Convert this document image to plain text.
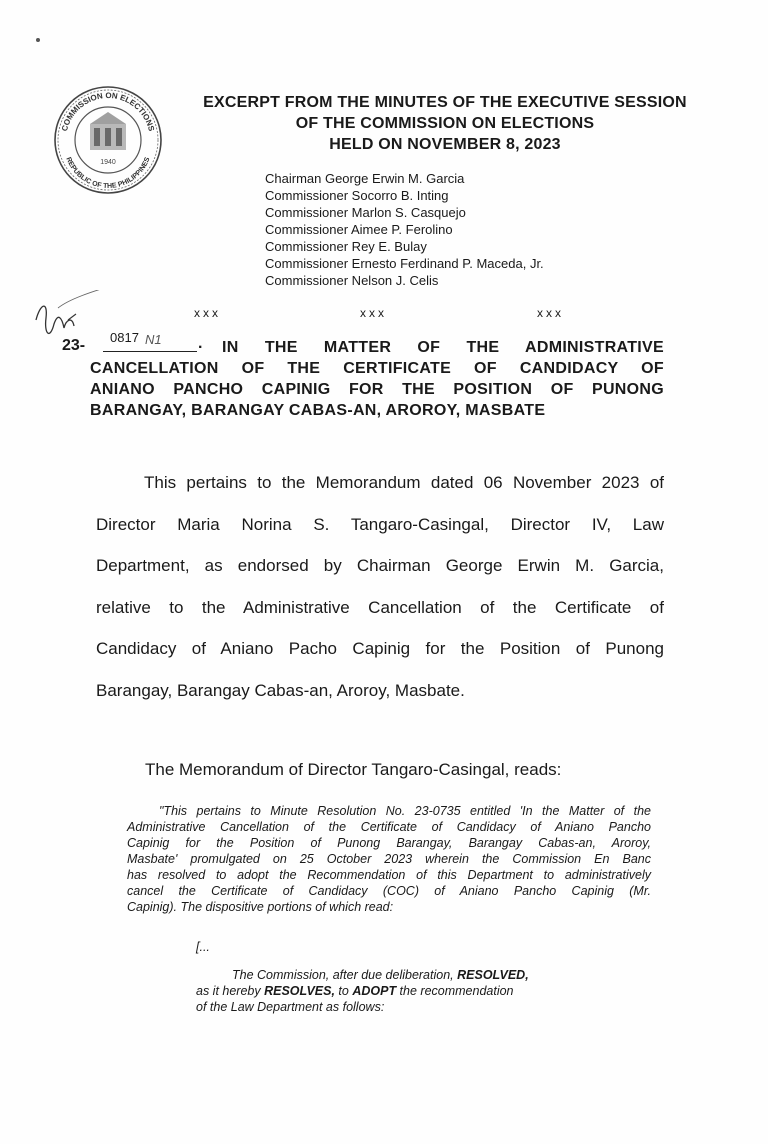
COMMISSION ON ELECTIONS
REPUBLIC OF THE PHILIPPINES
1940
EXCERPT FROM THE MINUTES OF THE EXECUTIVE SESSION
OF THE COMMISSION ON ELECTIONS
HELD ON NOVEMBER 8, 2023
Chairman George Erwin M. Garcia
Commissioner Socorro B. Inting
Commissioner Marlon S. Casquejo
Commissioner Aimee P. Ferolino
Commissioner Rey E. Bulay
Commissioner Ernesto Ferdinand P. Maceda, Jr.
Commissioner Nelson J. Celis
xxx	xxx	xxx
23- 0817 N1 .	IN THE MATTER OF THE ADMINISTRATIVE
CANCELLATION OF THE CERTIFICATE OF CANDIDACY OF
ANIANO PANCHO CAPINIG FOR THE POSITION OF PUNONG
BARANGAY, BARANGAY CABAS-AN, AROROY, MASBATE
This pertains to the Memorandum dated 06 November 2023 of
Director Maria Norina S. Tangaro-Casingal, Director IV, Law
Department, as endorsed by Chairman George Erwin M. Garcia,
relative to the Administrative Cancellation of the Certificate of
Candidacy of Aniano Pacho Capinig for the Position of Punong
Barangay, Barangay Cabas-an, Aroroy, Masbate.
The Memorandum of Director Tangaro-Casingal, reads:
"This pertains to Minute Resolution No. 23-0735 entitled 'In the Matter of the
Administrative Cancellation of the Certificate of Candidacy of Aniano Pancho
Capinig for the Position of Punong Barangay, Barangay Cabas-an, Aroroy,
Masbate' promulgated on 25 October 2023 wherein the Commission En Banc
has resolved to adopt the Recommendation of this Department to administratively
cancel the Certificate of Candidacy (COC) of Aniano Pancho Capinig (Mr.
Capinig). The dispositive portions of which read:
[...
The Commission, after due deliberation, RESOLVED,
as it hereby RESOLVES, to ADOPT the recommendation
of the Law Department as follows:
